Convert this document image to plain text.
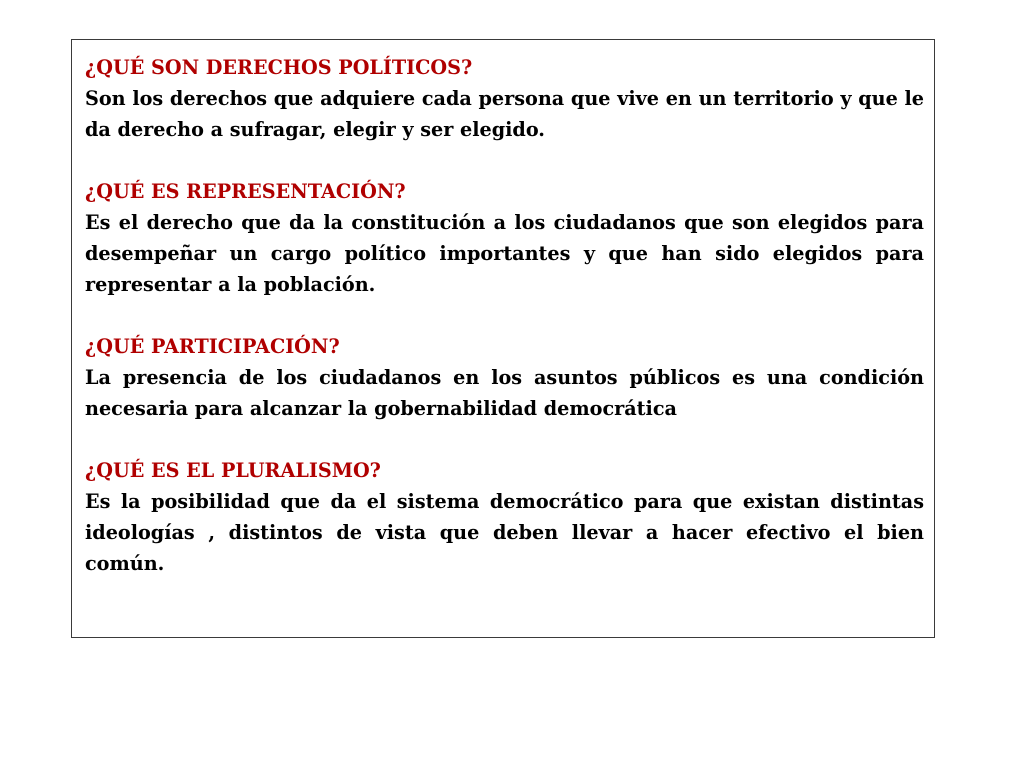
¿QUÉ SON DERECHOS POLÍTICOS?

Son los derechos que adquiere cada persona que vive en un territorio y que le da derecho a sufragar, elegir y ser elegido.

¿QUÉ ES REPRESENTACIÓN?

Es el derecho que da la constitución a los ciudadanos que son elegidos para desempeñar un cargo político importantes y que han sido elegidos para representar a la población.

¿QUÉ PARTICIPACIÓN?

La presencia de los ciudadanos en los asuntos públicos es una condición necesaria para alcanzar la gobernabilidad democrática

¿QUÉ ES EL PLURALISMO?

Es la posibilidad que da el sistema democrático para que existan distintas ideologías , distintos de vista que deben llevar a hacer efectivo el bien común.
